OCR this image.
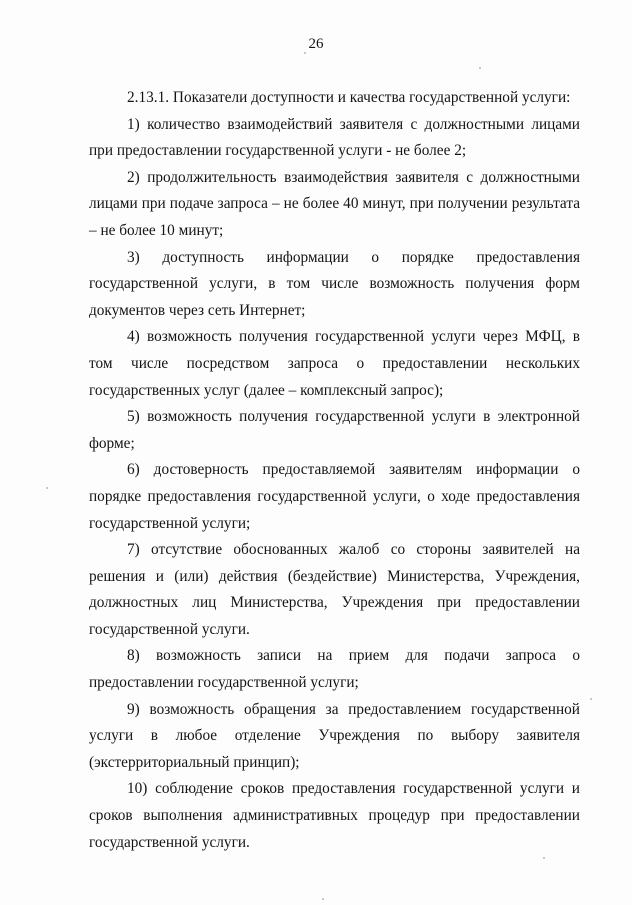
26

2.13.1. Показатели доступности и качества государственной услуги:

1) количество взаимодействий заявителя с должностными лицами при предоставлении государственной услуги - не более 2;

2) продолжительность взаимодействия заявителя с должностными лицами при подаче запроса – не более 40 минут, при получении результата – не более 10 минут;

3) доступность информации о порядке предоставления государственной услуги, в том числе возможность получения форм документов через сеть Интернет;

4) возможность получения государственной услуги через МФЦ, в том числе посредством запроса о предоставлении нескольких государственных услуг (далее – комплексный запрос);

5) возможность получения государственной услуги в электронной форме;

6) достоверность предоставляемой заявителям информации о порядке предоставления государственной услуги, о ходе предоставления государственной услуги;

7) отсутствие обоснованных жалоб со стороны заявителей на решения и (или) действия (бездействие) Министерства, Учреждения, должностных лиц Министерства, Учреждения при предоставлении государственной услуги.

8) возможность записи на прием для подачи запроса о предоставлении государственной услуги;

9) возможность обращения за предоставлением государственной услуги в любое отделение Учреждения по выбору заявителя (экстерриториальный принцип);

10) соблюдение сроков предоставления государственной услуги и сроков выполнения административных процедур при предоставлении государственной услуги.
